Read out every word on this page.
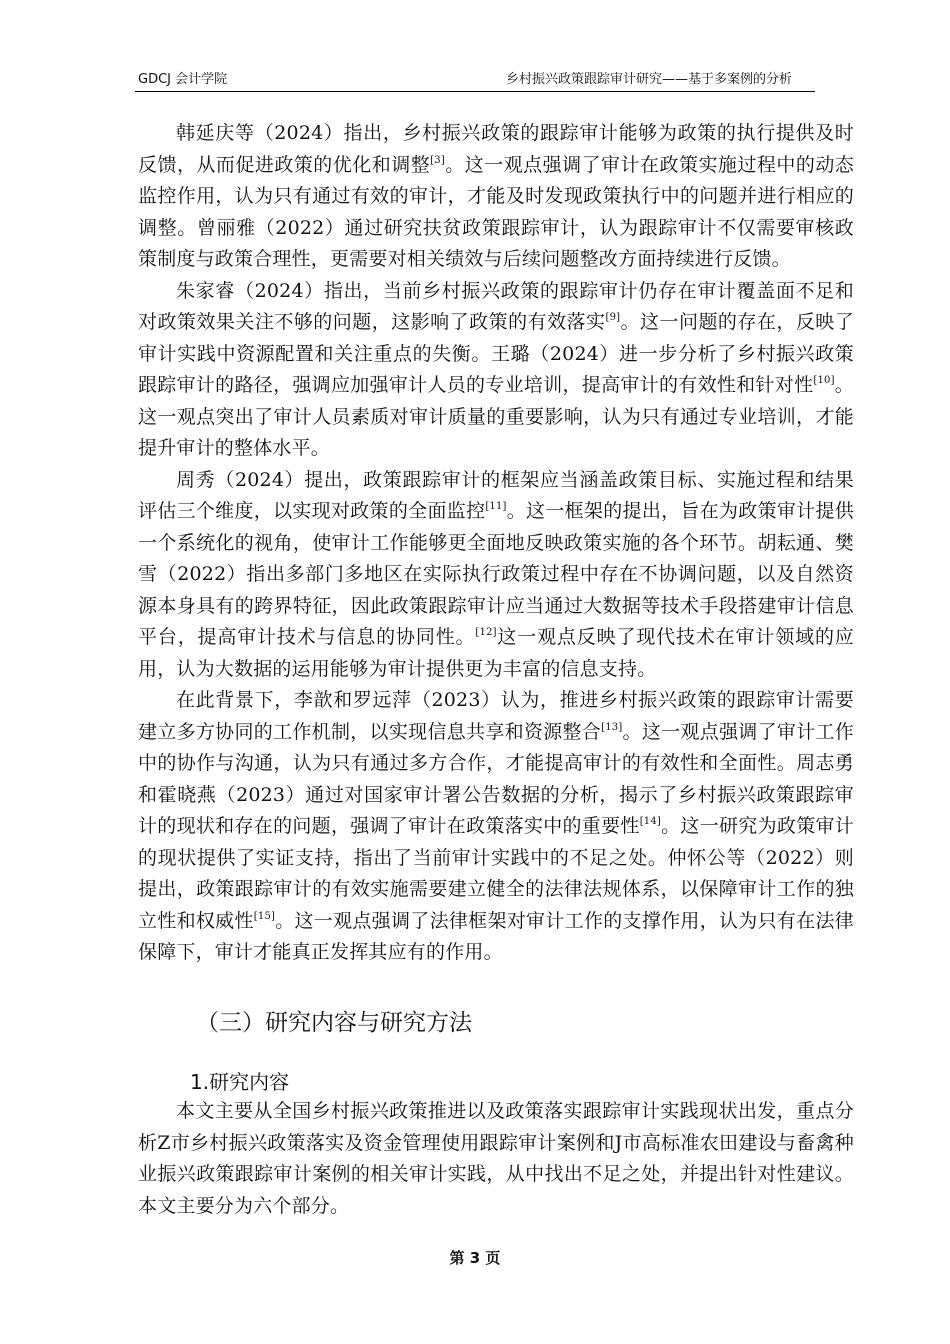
GDCJ 会计学院	乡村振兴政策跟踪审计研究——基于多案例的分析

韩延庆等（2024）指出，乡村振兴政策的跟踪审计能够为政策的执行提供及时反馈，从而促进政策的优化和调整[3]。这一观点强调了审计在政策实施过程中的动态监控作用，认为只有通过有效的审计，才能及时发现政策执行中的问题并进行相应的调整。曾丽雅（2022）通过研究扶贫政策跟踪审计，认为跟踪审计不仅需要审核政策制度与政策合理性，更需要对相关绩效与后续问题整改方面持续进行反馈。

朱家睿（2024）指出，当前乡村振兴政策的跟踪审计仍存在审计覆盖面不足和对政策效果关注不够的问题，这影响了政策的有效落实[9]。这一问题的存在，反映了审计实践中资源配置和关注重点的失衡。王璐（2024）进一步分析了乡村振兴政策跟踪审计的路径，强调应加强审计人员的专业培训，提高审计的有效性和针对性[10]。这一观点突出了审计人员素质对审计质量的重要影响，认为只有通过专业培训，才能提升审计的整体水平。

周秀（2024）提出，政策跟踪审计的框架应当涵盖政策目标、实施过程和结果评估三个维度，以实现对政策的全面监控[11]。这一框架的提出，旨在为政策审计提供一个系统化的视角，使审计工作能够更全面地反映政策实施的各个环节。胡耘通、樊雪（2022）指出多部门多地区在实际执行政策过程中存在不协调问题，以及自然资源本身具有的跨界特征，因此政策跟踪审计应当通过大数据等技术手段搭建审计信息平台，提高审计技术与信息的协同性。[12]这一观点反映了现代技术在审计领域的应用，认为大数据的运用能够为审计提供更为丰富的信息支持。

在此背景下，李歆和罗远萍（2023）认为，推进乡村振兴政策的跟踪审计需要建立多方协同的工作机制，以实现信息共享和资源整合[13]。这一观点强调了审计工作中的协作与沟通，认为只有通过多方合作，才能提高审计的有效性和全面性。周志勇和霍晓燕（2023）通过对国家审计署公告数据的分析，揭示了乡村振兴政策跟踪审计的现状和存在的问题，强调了审计在政策落实中的重要性[14]。这一研究为政策审计的现状提供了实证支持，指出了当前审计实践中的不足之处。仲怀公等（2022）则提出，政策跟踪审计的有效实施需要建立健全的法律法规体系，以保障审计工作的独立性和权威性[15]。这一观点强调了法律框架对审计工作的支撑作用，认为只有在法律保障下，审计才能真正发挥其应有的作用。

（三）研究内容与研究方法
1.研究内容

本文主要从全国乡村振兴政策推进以及政策落实跟踪审计实践现状出发，重点分析Z市乡村振兴政策落实及资金管理使用跟踪审计案例和J市高标准农田建设与畜禽种业振兴政策跟踪审计案例的相关审计实践，从中找出不足之处，并提出针对性建议。本文主要分为六个部分。

第 3 页
